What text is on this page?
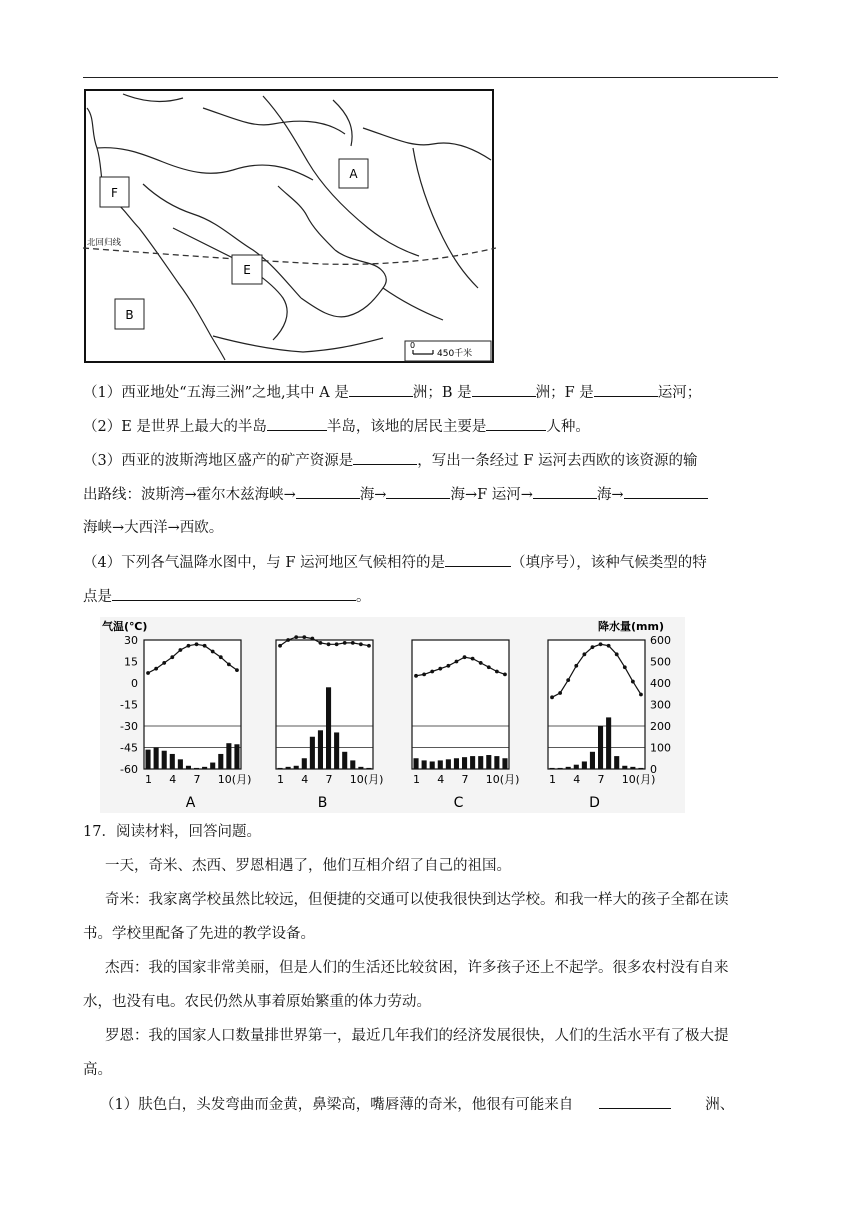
北回归线
A
F
E
B
0
450千米
（1）西亚地处“五海三洲”之地,其中 A 是	洲；B 是	洲；F 是	运河；
（2）E 是世界上最大的半岛	半岛，该地的居民主要是	人种。
（3）西亚的波斯湾地区盛产的矿产资源是	，写出一条经过 F 运河去西欧的该资源的输
出路线：波斯湾→霍尔木兹海峡→	海→	海→F 运河→	海→
海峡→大西洋→西欧。
（4）下列各气温降水图中，与 F 运河地区气候相符的是	（填序号），该种气候类型的特
点是	。
气温(℃)	降水量(mm)
30
15
0
-15
-30
-45
-60
600
500
400
300
200
100
0
1 4 7 10(月)
A
1 4 7 10(月)
B
1 4 7 10(月)
C
1 4 7 10(月)
D
17．阅读材料，回答问题。
一天，奇米、杰西、罗恩相遇了，他们互相介绍了自己的祖国。
奇米：我家离学校虽然比较远，但便捷的交通可以使我很快到达学校。和我一样大的孩子全都在读
书。学校里配备了先进的教学设备。
杰西：我的国家非常美丽，但是人们的生活还比较贫困，许多孩子还上不起学。很多农村没有自来
水，也没有电。农民仍然从事着原始繁重的体力劳动。
罗恩：我的国家人口数量排世界第一，最近几年我们的经济发展很快，人们的生活水平有了极大提
高。
（1）肤色白，头发弯曲而金黄，鼻梁高，嘴唇薄的奇米，他很有可能来自	洲、
